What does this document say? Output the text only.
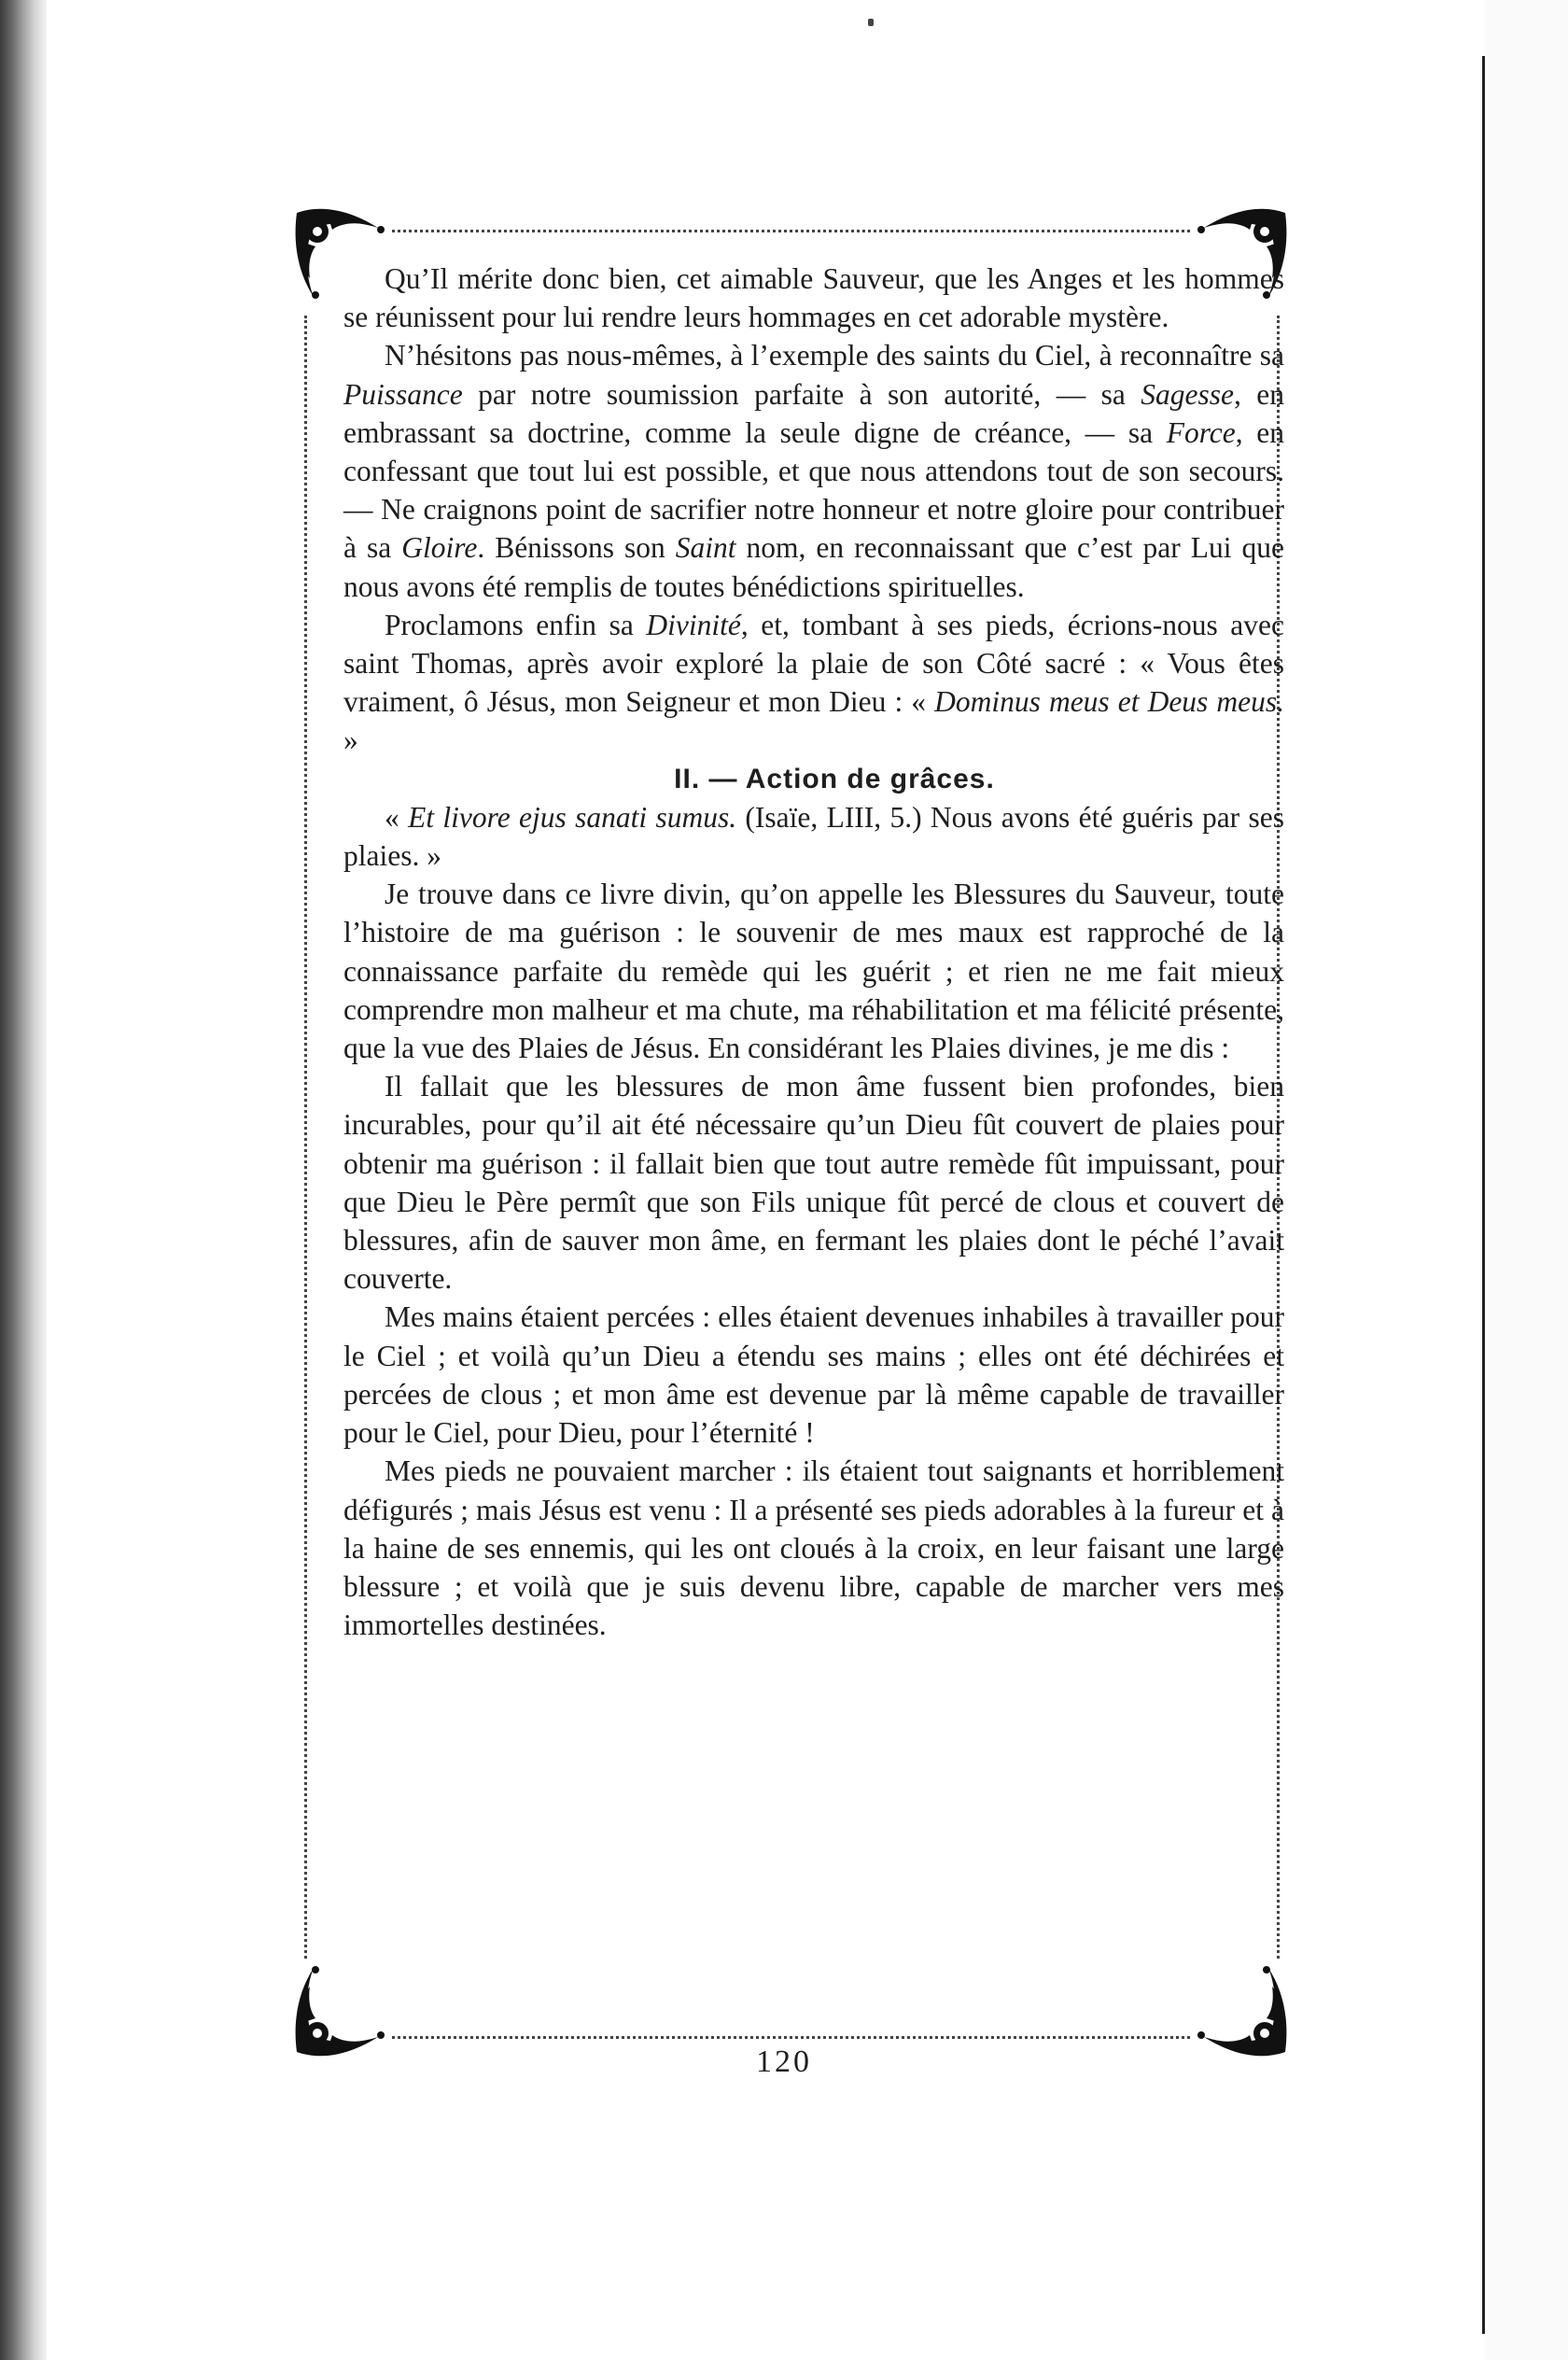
Qu’Il mérite donc bien, cet aimable Sauveur, que les Anges et les hommes se réunissent pour lui rendre leurs hommages en cet adorable mystère.

N’hésitons pas nous-mêmes, à l’exemple des saints du Ciel, à reconnaître sa Puissance par notre soumission parfaite à son autorité, — sa Sagesse, en embrassant sa doctrine, comme la seule digne de créance, — sa Force, en confessant que tout lui est possible, et que nous attendons tout de son secours. — Ne craignons point de sacrifier notre honneur et notre gloire pour contribuer à sa Gloire. Bénissons son Saint nom, en reconnaissant que c’est par Lui que nous avons été remplis de toutes bénédictions spirituelles.

Proclamons enfin sa Divinité, et, tombant à ses pieds, écrions-nous avec saint Thomas, après avoir exploré la plaie de son Côté sacré : « Vous êtes vraiment, ô Jésus, mon Seigneur et mon Dieu : « Dominus meus et Deus meus. »

II. — Action de grâces.

« Et livore ejus sanati sumus. (Isaïe, LIII, 5.) Nous avons été guéris par ses plaies. »

Je trouve dans ce livre divin, qu’on appelle les Blessures du Sauveur, toute l’histoire de ma guérison : le souvenir de mes maux est rapproché de la connaissance parfaite du remède qui les guérit ; et rien ne me fait mieux comprendre mon malheur et ma chute, ma réhabilitation et ma félicité présente, que la vue des Plaies de Jésus. En considérant les Plaies divines, je me dis :

Il fallait que les blessures de mon âme fussent bien profondes, bien incurables, pour qu’il ait été nécessaire qu’un Dieu fût couvert de plaies pour obtenir ma guérison : il fallait bien que tout autre remède fût impuissant, pour que Dieu le Père permît que son Fils unique fût percé de clous et couvert de blessures, afin de sauver mon âme, en fermant les plaies dont le péché l’avait couverte.

Mes mains étaient percées : elles étaient devenues inhabiles à travailler pour le Ciel ; et voilà qu’un Dieu a étendu ses mains ; elles ont été déchirées et percées de clous ; et mon âme est devenue par là même capable de travailler pour le Ciel, pour Dieu, pour l’éternité !

Mes pieds ne pouvaient marcher : ils étaient tout saignants et horriblement défigurés ; mais Jésus est venu : Il a présenté ses pieds adorables à la fureur et à la haine de ses ennemis, qui les ont cloués à la croix, en leur faisant une large blessure ; et voilà que je suis devenu libre, capable de marcher vers mes immortelles destinées.

120
